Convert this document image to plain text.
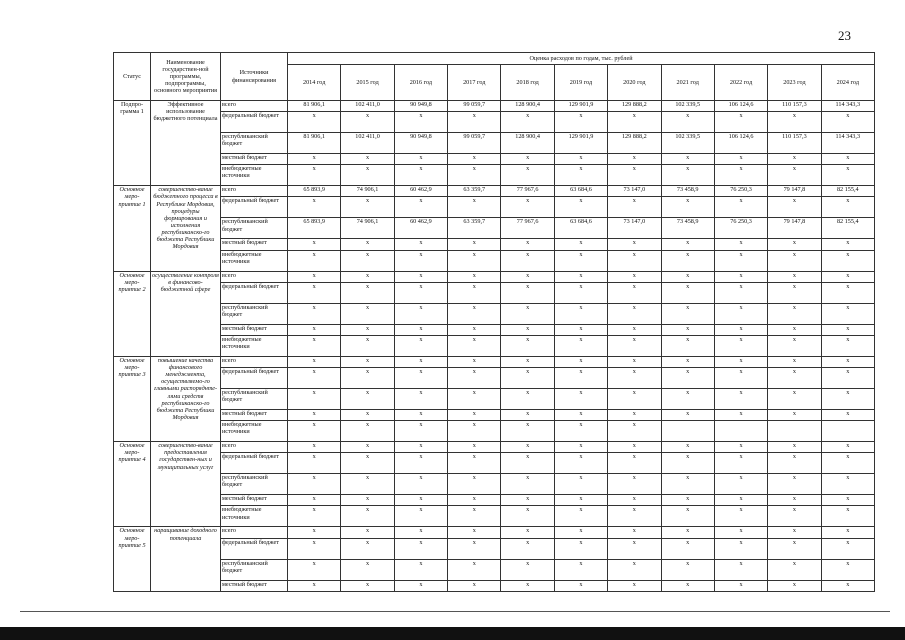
23
Статус	Наименование государствен-ной программы, подпрограммы, основного мероприятия	Источники финансирования	Оценка расходов по годам, тыс. рублей										
			2014 год	2015 год	2016 год	2017 год	2018 год	2019 год	2020 год	2021 год	2022 год	2023 год	2024 год
Подпро-грамма 1	Эффективное использование бюджетного потенциала	всего	81 906,1	102 411,0	90 949,8	99 059,7	128 900,4	129 901,9	129 888,2	102 339,5	106 124,6	110 157,3	114 343,3
		федеральный бюджет	x	x	x	x	x	x	x	x	x	x	x
		республиканский бюджет	81 906,1	102 411,0	90 949,8	99 059,7	128 900,4	129 901,9	129 888,2	102 339,5	106 124,6	110 157,3	114 343,3
		местный бюджет	x	x	x	x	x	x	x	x	x	x	x
		внебюджетные источники	x	x	x	x	x	x	x	x	x	x	x
Основное меро-приятие 1	совершенство-вание бюджетного процесса в Республике Мордовия, процедуры формирования и исполнения республиканско-го бюджета Республики Мордовия	всего	65 893,9	74 906,1	60 462,9	63 359,7	77 967,6	63 684,6	73 147,0	73 458,9	76 250,3	79 147,8	82 155,4
		федеральный бюджет	x	x	x	x	x	x	x	x	x	x	x
		республиканский бюджет	65 893,9	74 906,1	60 462,9	63 359,7	77 967,6	63 684,6	73 147,0	73 458,9	76 250,3	79 147,8	82 155,4
		местный бюджет	x	x	x	x	x	x	x	x	x	x	x
		внебюджетные источники	x	x	x	x	x	x	x	x	x	x	x
Основное меро-приятие 2	осуществление контроля в финансово-бюджетной сфере	всего	x	x	x	x	x	x	x	x	x	x	x
		федеральный бюджет	x	x	x	x	x	x	x	x	x	x	x
		республиканский бюджет	x	x	x	x	x	x	x	x	x	x	x
		местный бюджет	x	x	x	x	x	x	x	x	x	x	x
		внебюджетные источники	x	x	x	x	x	x	x	x	x	x	x
Основное меро-приятие 3	повышение качества финансового менеджмента, осуществляемо-го главными распоряднте-лями средств республиканско-го бюджета Республики Мордовия	всего	x	x	x	x	x	x	x	x	x	x	x
		федеральный бюджет	x	x	x	x	x	x	x	x	x	x	x
		республиканский бюджет	x	x	x	x	x	x	x	x	x	x	x
		местный бюджет	x	x	x	x	x	x	x	x	x	x	x
		внебюджетные источники	x	x	x	x	x	x	x				
Основное меро-приятие 4	совершенство-вание предоставления государствен-ных и муниципальных услуг	всего	x	x	x	x	x	x	x	x	x	x	x
		федеральный бюджет	x	x	x	x	x	x	x	x	x	x	x
		республиканский бюджет	x	x	x	x	x	x	x	x	x	x	x
		местный бюджет	x	x	x	x	x	x	x	x	x	x	x
		внебюджетные источники	x	x	x	x	x	x	x	x	x	x	x
Основное меро-приятие 5	наращивание доходного потенциала	всего	x	x	x	x	x	x	x	x	x	x	x
		федеральный бюджет	x	x	x	x	x	x	x	x	x	x	x
		республиканский бюджет	x	x	x	x	x	x	x	x	x	x	x
		местный бюджет	x	x	x	x	x	x	x	x	x	x	x
